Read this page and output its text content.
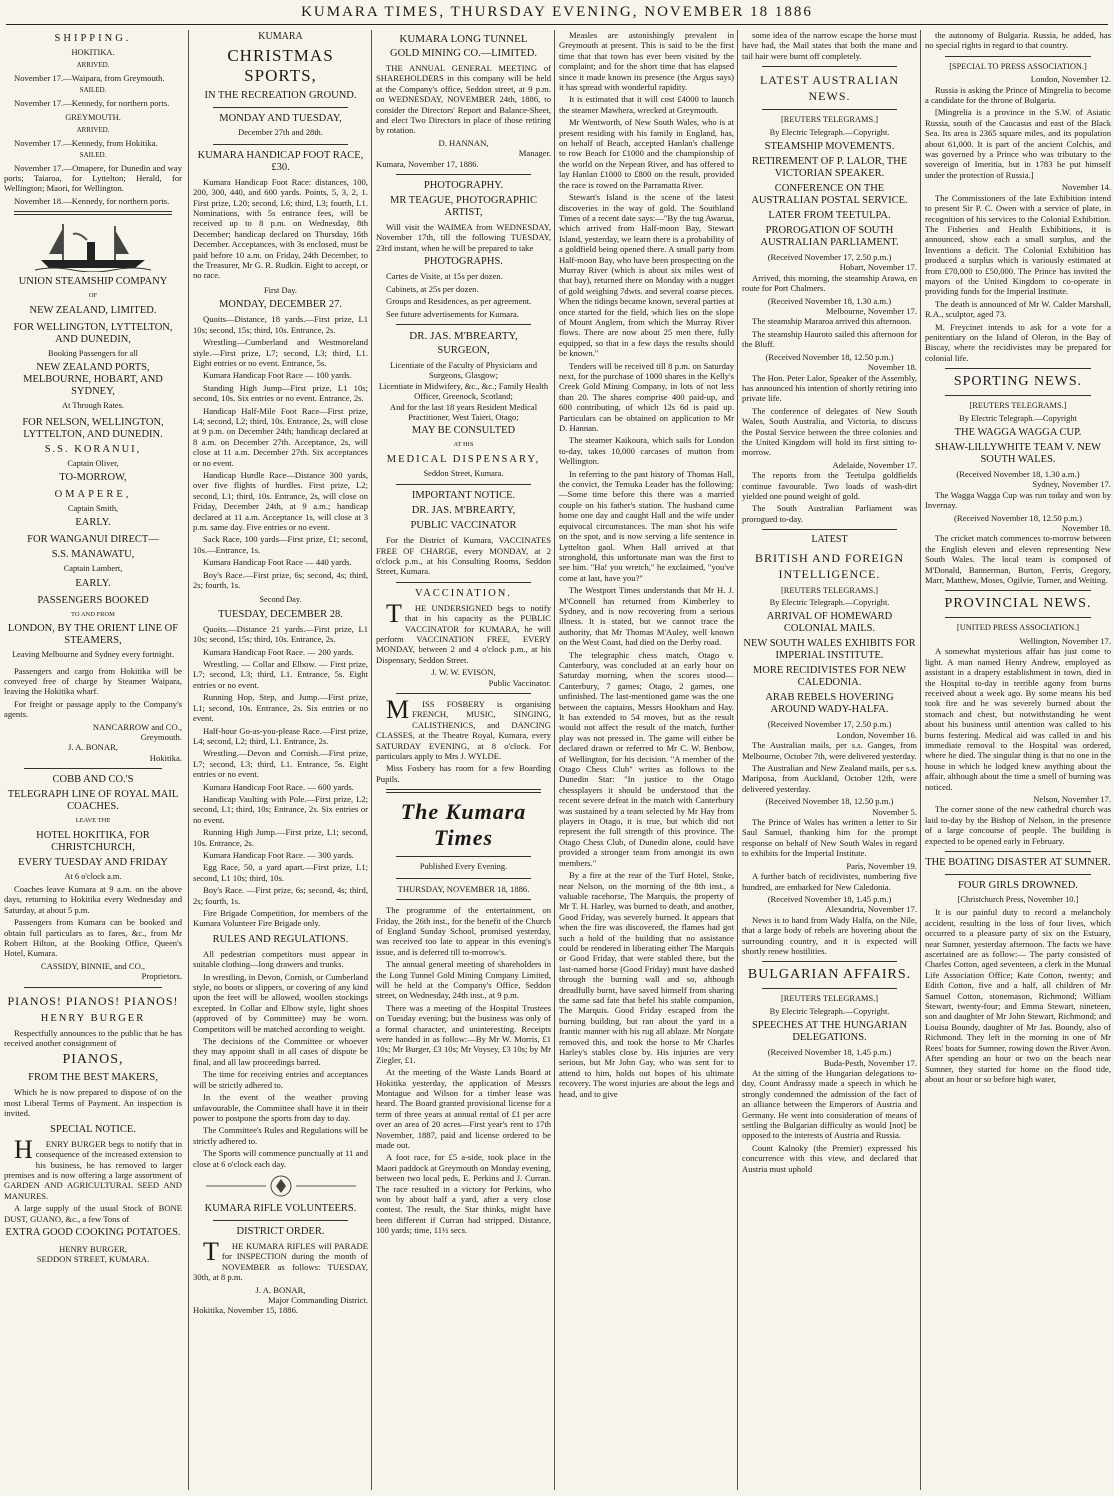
KUMARA TIMES, THURSDAY EVENING, NOVEMBER 18 1886
SHIPPING.
HOKITIKA.
ARRIVED.
November 17.—Waipara, from Greymouth.
SAILED.
November 17.—Kennedy, for northern ports.
GREYMOUTH.
ARRIVED.
November 17.—Kennedy, from Hokitika.
SAILED.
November 17.—Omapere, for Dunedin and way ports; Taiaroa, for Lyttelton; Herald, for Wellington; Maori, for Wellington.
November 18.—Kennedy, for northern ports.
UNION STEAMSHIP COMPANY
OF
NEW ZEALAND, LIMITED.
FOR WELLINGTON, LYTTELTON, AND DUNEDIN,
Booking Passengers for all
NEW ZEALAND PORTS, MELBOURNE, HOBART, AND SYDNEY,
At Through Rates.
FOR NELSON, WELLINGTON, LYTTELTON, AND DUNEDIN.
S.S. KORANUI,
Captain Oliver,
TO-MORROW,
OMAPERE,
Captain Smith,
EARLY.
FOR WANGANUI DIRECT—
S.S. MANAWATU,
Captain Lambert,
EARLY.
PASSENGERS BOOKED
TO AND FROM
LONDON, BY THE ORIENT LINE OF STEAMERS,
Leaving Melbourne and Sydney every fortnight.
Passengers and cargo from Hokitika will be conveyed free of charge by Steamer Waipara, leaving the Hokitika wharf.
For freight or passage apply to the Company's agents.
NANCARROW and CO.,
Greymouth.
J. A. BONAR,
Hokitika.
COBB AND CO.'S
TELEGRAPH LINE OF ROYAL MAIL COACHES.
LEAVE THE
HOTEL HOKITIKA, FOR CHRISTCHURCH,
EVERY TUESDAY AND FRIDAY
At 6 o'clock a.m.
Coaches leave Kumara at 9 a.m. on the above days, returning to Hokitika every Wednesday and Saturday, at about 5 p.m.
Passengers from Kumara can be booked and obtain full particulars as to fares, &c., from Mr Robert Hilton, at the Booking Office, Queen's Hotel, Kumara.
CASSIDY, BINNIE, and CO.,
Proprietors.
PIANOS! PIANOS! PIANOS!
HENRY BURGER
Respectfully announces to the public that he has received another consignment of
PIANOS,
FROM THE BEST MAKERS,
Which he is now prepared to dispose of on the most Liberal Terms of Payment. An inspection is invited.
SPECIAL NOTICE.
HENRY BURGER begs to notify that in consequence of the increased extension to his business, he has removed to larger premises and is now offering a large assortment of GARDEN AND AGRICULTURAL SEED AND MANURES.
A large supply of the usual Stock of BONE DUST, GUANO, &c., a few Tons of
EXTRA GOOD COOKING POTATOES.
HENRY BURGER,
SEDDON STREET, KUMARA.
KUMARA
CHRISTMAS SPORTS,
IN THE RECREATION GROUND.
MONDAY AND TUESDAY,
December 27th and 28th.
KUMARA HANDICAP FOOT RACE, £30.
Kumara Handicap Foot Race: distances, 100, 200, 300, 440, and 600 yards. Points, 5, 3, 2, 1. First prize, L20; second, L6; third, L3; fourth, L1. Nominations, with 5s entrance fees, will be received up to 8 p.m. on Wednesday, 8th December; handicap declared on Thursday, 16th December. Acceptances, with 3s enclosed, must be paid before 10 a.m. on Friday, 24th December, to the Treasurer, Mr G. R. Rudkin. Eight to accept, or no race.
First Day.
MONDAY, DECEMBER 27.
Quoits—Distance, 18 yards.—First prize, L1 10s; second, 15s; third, 10s. Entrance, 2s.
Wrestling—Cumberland and Westmoreland style.—First prize, L7; second, L3; third, L1. Eight entries or no event. Entrance, 5s.
Kumara Handicap Foot Race — 100 yards.
Standing High Jump—First prize, L1 10s; second, 10s. Six entries or no event. Entrance, 2s.
Handicap Half-Mile Foot Race—First prize, L4; second, L2; third, 10s. Entrance, 2s, will close at 9 p.m. on December 24th; handicap declared at 8 a.m. on December 27th. Acceptance, 2s, will close at 11 a.m. December 27th. Six acceptances or no event.
Handicap Hurdle Race—Distance 300 yards, over five flights of hurdles. First prize, L2; second, L1; third, 10s. Entrance, 2s, will close on Friday, December 24th, at 9 a.m.; handicap declared at 11 a.m. Acceptance 1s, will close at 3 p.m. same day. Five entries or no event.
Sack Race, 100 yards—First prize, £1; second, 10s.—Entrance, 1s.
Kumara Handicap Foot Race — 440 yards.
Boy's Race.—First prize, 6s; second, 4s; third, 2s; fourth, 1s.
Second Day.
TUESDAY, DECEMBER 28.
Quoits.—Distance 21 yards.—First prize, L1 10s; second, 15s; third, 10s. Entrance, 2s.
Kumara Handicap Foot Race. — 200 yards.
Wrestling. — Collar and Elbow. — First prize, L7; second, L3; third, L1. Entrance, 5s. Eight entries or no event.
Running Hop, Step, and Jump.—First prize, L1; second, 10s. Entrance, 2s. Six entries or no event.
Half-hour Go-as-you-please Race.—First prize, L4; second, L2; third, L1. Entrance, 2s.
Wrestling.—Devon and Cornish.—First prize, L7; second, L3; third, L1. Entrance, 5s. Eight entries or no event.
Kumara Handicap Foot Race. — 600 yards.
Handicap Vaulting with Pole.—First prize, L2; second, L1; third, 10s; Entrance, 2s. Six entries or no event.
Running High Jump.—First prize, L1; second, 10s. Entrance, 2s.
Kumara Handicap Foot Race. — 300 yards.
Egg Race, 50, a yard apart.—First prize, L1; second, L1 10s; third, 10s.
Boy's Race. —First prize, 6s; second, 4s; third, 2s; fourth, 1s.
Fire Brigade Competition, for members of the Kumara Volunteer Fire Brigade only.
RULES AND REGULATIONS.
All pedestrian competitors must appear in suitable clothing—long drawers and trunks.
In wrestling, in Devon, Cornish, or Cumberland style, no boots or slippers, or covering of any kind upon the feet will be allowed, woollen stockings excepted. In Collar and Elbow style, light shoes (approved of by Committee) may be worn. Competitors will be matched according to weight.
The decisions of the Committee or whoever they may appoint shall in all cases of dispute be final, and all law proceedings barred.
The time for receiving entries and acceptances will be strictly adhered to.
In the event of the weather proving unfavourable, the Committee shall have it in their power to postpone the sports from day to day.
The Committee's Rules and Regulations will be strictly adhered to.
The Sports will commence punctually at 11 and close at 6 o'clock each day.
KUMARA RIFLE VOLUNTEERS.
DISTRICT ORDER.
THE KUMARA RIFLES will PARADE for INSPECTION during the month of NOVEMBER as follows: TUESDAY, 30th, at 8 p.m.
J. A. BONAR,
Major Commanding District.
Hokitika, November 15, 1886.
KUMARA LONG TUNNEL
GOLD MINING CO.—LIMITED.
THE ANNUAL GENERAL MEETING of SHAREHOLDERS in this company will be held at the Company's office, Seddon street, at 9 p.m. on WEDNESDAY, NOVEMBER 24th, 1886, to consider the Directors' Report and Balance-Sheet, and elect Two Directors in place of those retiring by rotation.
D. HANNAN,
Manager.
Kumara, November 17, 1886.
PHOTOGRAPHY.
MR TEAGUE, PHOTOGRAPHIC ARTIST,
Will visit the WAIMEA from WEDNESDAY, November 17th, till the following TUESDAY, 23rd instant, when he will be prepared to take
PHOTOGRAPHS.
Cartes de Visite, at 15s per dozen.
Cabinets, at 25s per dozen.
Groups and Residences, as per agreement.
See future advertisements for Kumara.
DR. JAS. M'BREARTY,
SURGEON,
Licentiate of the Faculty of Physicians and Surgeons, Glasgow;
Licentiate in Midwifery, &c., &c.; Family Health Officer, Greenock, Scotland;
And for the last 18 years Resident Medical Practitioner, West Taieri, Otago;
MAY BE CONSULTED
AT HIS
MEDICAL DISPENSARY,
Seddon Street, Kumara.
IMPORTANT NOTICE.
DR. JAS. M'BREARTY,
PUBLIC VACCINATOR
For the District of Kumara, VACCINATES FREE OF CHARGE, every MONDAY, at 2 o'clock p.m., at his Consulting Rooms, Seddon Street, Kumara.
VACCINATION.
THE UNDERSIGNED begs to notify that in his capacity as the PUBLIC VACCINATOR for KUMARA, he will perform VACCINATION FREE, EVERY MONDAY, between 2 and 4 o'clock p.m., at his Dispensary, Seddon Street.
J. W. W. EVISON,
Public Vaccinator.
MISS FOSBERY is organising FRENCH, MUSIC, SINGING, CALISTHENICS, and DANCING CLASSES, at the Theatre Royal, Kumara, every SATURDAY EVENING, at 8 o'clock. For particulars apply to Mrs J. WYLDE.
Miss Fosbery has room for a few Boarding Pupils.
The Kumara Times
Published Every Evening.
THURSDAY, NOVEMBER 18, 1886.
The programme of the entertainment, on Friday, the 26th inst., for the benefit of the Church of England Sunday School, promised yesterday, was received too late to appear in this evening's issue, and is deferred till to-morrow's.
The annual general meeting of shareholders in the Long Tunnel Gold Mining Company Limited, will be held at the Company's Office, Seddon street, on Wednesday, 24th inst., at 9 p.m.
There was a meeting of the Hospital Trustees on Tuesday evening; but the business was only of a formal character, and uninteresting. Receipts were handed in as follow:—By Mr W. Morris, £1 10s; Mr Burger, £3 10s; Mr Voysey, £3 10s; by Mr Ziegler, £1.
At the meeting of the Waste Lands Board at Hokitika yesterday, the application of Messrs Montague and Wilson for a timber lease was heard. The Board granted provisional license for a term of three years at annual rental of £1 per acre over an area of 20 acres—First year's rent to 17th November, 1887, paid and license ordered to be made out.
A foot race, for £5 a-side, took place in the Maori paddock at Greymouth on Monday evening, between two local peds, E. Perkins and J. Curran. The race resulted in a victory for Perkins, who won by about half a yard, after a very close contest. The result, the Star thinks, might have been different if Curran had stripped. Distance, 100 yards; time, 11½ secs.
Measles are astonishingly prevalent in Greymouth at present. This is said to be the first time that that town has ever been visited by the complaint; and for the short time that has elapsed since it made known its presence (the Argus says) it has spread with wonderful rapidity.
It is estimated that it will cost £4000 to launch the steamer Mawhera, wrecked at Greymouth.
Mr Wentworth, of New South Wales, who is at present residing with his family in England, has, on behalf of Beach, accepted Hanlan's challenge to row Beach for £1000 and the championship of the world on the Nepean River, and has offered to lay Hanlan £1000 to £800 on the result, provided the race is rowed on the Parramatta River.
Stewart's Island is the scene of the latest discoveries in the way of gold. The Southland Times of a recent date says:—"By the tug Awarua, which arrived from Half-moon Bay, Stewart Island, yesterday, we learn there is a probability of a goldfield being opened there. A small party from Half-moon Bay, who have been prospecting on the Murray River (which is about six miles west of that bay), returned there on Monday with a nugget of gold weighing 7dwts. and several coarse pieces. When the tidings became known, several parties at once started for the field, which lies on the slope of Mount Anglem, from which the Murray River flows. There are now about 25 men there, fully equipped, so that in a few days the results should be known."
Tenders will be received till 8 p.m. on Saturday next, for the purchase of 1000 shares in the Kelly's Creek Gold Mining Company, in lots of not less than 20. The shares comprise 400 paid-up, and 600 contributing, of which 12s 6d is paid up. Particulars can be obtained on application to Mr D. Hannan.
The steamer Kaikoura, which sails for London to-day, takes 10,000 carcases of mutton from Wellington.
In referring to the past history of Thomas Hall, the convict, the Temuka Leader has the following:—Some time before this there was a married couple on his father's station. The husband came home one day and caught Hall and the wife under equivocal circumstances. The man shot his wife on the spot, and is now serving a life sentence in Lyttelton gaol. When Hall arrived at that stronghold, this unfortunate man was the first to see him. "Ha! you wretch," he exclaimed, "you've come at last, have you?"
The Westport Times understands that Mr H. J. M'Connell has returned from Kimberley to Sydney, and is now recovering from a serious illness. It is stated, but we cannot trace the authority, that Mr Thomas M'Auley, well known on the West Coast, had died on the Derby road.
The telegraphic chess match, Otago v. Canterbury, was concluded at an early hour on Saturday morning, when the scores stood—Canterbury, 7 games; Otago, 2 games, one unfinished. The last-mentioned game was the one between the captains, Messrs Hookham and Hay. It has extended to 54 moves, but as the result would not affect the result of the match, further play was not pressed in. The game will either be declared drawn or referred to Mr C. W. Benbow, of Wellington, for his decision. "A member of the Otago Chess Club" writes as follows to the Dunedin Star: "In justice to the Otago chessplayers it should be understood that the recent severe defeat in the match with Canterbury was sustained by a team selected by Mr Hay from players in Otago, it is true, but which did not represent the full strength of this province. The Otago Chess Club, of Dunedin alone, could have provided a stronger team from amongst its own members."
By a fire at the rear of the Turf Hotel, Stoke, near Nelson, on the morning of the 8th inst., a valuable racehorse, The Marquis, the property of Mr T. H. Harley, was burned to death, and another, Good Friday, was severely burned. It appears that when the fire was discovered, the flames had got such a hold of the building that no assistance could be rendered in liberating either The Marquis or Good Friday, that were stabled there, but the last-named horse (Good Friday) must have dashed through the burning wall and so, although dreadfully burnt, have saved himself from sharing the same sad fate that befel his stable companion, The Marquis. Good Friday escaped from the burning building, but ran about the yard in a frantic manner with his rug all ablaze. Mr Norgate removed this, and took the horse to Mr Charles Harley's stables close by. His injuries are very serious, but Mr John Gay, who was sent for to attend to him, holds out hopes of his ultimate recovery. The worst injuries are about the legs and head, and to give
some idea of the narrow escape the horse must have had, the Mail states that both the mane and tail hair were burnt off completely.
LATEST AUSTRALIAN NEWS.
[REUTERS TELEGRAMS.]
By Electric Telegraph.—Copyright.
STEAMSHIP MOVEMENTS.
RETIREMENT OF P. LALOR, THE VICTORIAN SPEAKER.
CONFERENCE ON THE AUSTRALIAN POSTAL SERVICE.
LATER FROM TEETULPA.
PROROGATION OF SOUTH AUSTRALIAN PARLIAMENT.
(Received November 17, 2.50 p.m.)
Hobart, November 17.
Arrived, this morning, the steamship Arawa, en route for Port Chalmers.
(Received November 18, 1.30 a.m.)
Melbourne, November 17.
The steamship Mararoa arrived this afternoon.
The steamship Hauroto sailed this afternoon for the Bluff.
(Received November 18, 12.50 p.m.)
November 18.
The Hon. Peter Lalor, Speaker of the Assembly, has announced his intention of shortly retiring into private life.
The conference of delegates of New South Wales, South Australia, and Victoria, to discuss the Postal Service between the three colonies and the United Kingdom will hold its first sitting to-morrow.
Adelaide, November 17.
The reports from the Teetulpa goldfields continue favourable. Two loads of wash-dirt yielded one pound weight of gold.
The South Australian Parliament was prorogued to-day.
LATEST
BRITISH AND FOREIGN INTELLIGENCE.
[REUTERS TELEGRAMS.]
By Electric Telegraph.—Copyright.
ARRIVAL OF HOMEWARD COLONIAL MAILS.
NEW SOUTH WALES EXHIBITS FOR IMPERIAL INSTITUTE.
MORE RECIDIVISTES FOR NEW CALEDONIA.
ARAB REBELS HOVERING AROUND WADY-HALFA.
(Received November 17, 2.50 p.m.)
London, November 16.
The Australian mails, per s.s. Ganges, from Melbourne, October 7th, were delivered yesterday.
The Australian and New Zealand mails, per s.s. Mariposa, from Auckland, October 12th, were delivered yesterday.
(Received November 18, 12.50 p.m.)
November 5.
The Prince of Wales has written a letter to Sir Saul Samuel, thanking him for the prompt response on behalf of New South Wales in regard to exhibits for the Imperial Institute.
Paris, November 19.
A further batch of recidivistes, numbering five hundred, are embarked for New Caledonia.
(Received November 18, 1.45 p.m.)
Alexandria, November 17.
News is to hand from Wady Halfa, on the Nile, that a large body of rebels are hovering about the surrounding country, and it is expected will shortly renew hostilities.
BULGARIAN AFFAIRS.
[REUTERS TELEGRAMS.]
By Electric Telegraph.—Copyright.
SPEECHES AT THE HUNGARIAN DELEGATIONS.
(Received November 18, 1.45 p.m.)
Buda-Pesth, November 17.
At the sitting of the Hungarian delegations to-day, Count Andrassy made a speech in which he strongly condemned the admission of the fact of an alliance between the Emperors of Austria and Germany. He went into consideration of means of settling the Bulgarian difficulty as would [not] be opposed to the interests of Austria and Russia.
Count Kalnoky (the Premier) expressed his concurrence with this view, and declared that Austria must uphold
the autonomy of Bulgaria. Russia, he added, has no special rights in regard to that country.
[SPECIAL TO PRESS ASSOCIATION.]
London, November 12.
Russia is asking the Prince of Mingrelia to become a candidate for the throne of Bulgaria.
[Mingrelia is a province in the S.W. of Asiatic Russia, south of the Caucasus and east of the Black Sea. Its area is 2365 square miles, and its population about 61,000. It is part of the ancient Colchis, and was governed by a Prince who was tributary to the sovereign of Imeritia, but in 1783 he put himself under the protection of Russia.]
November 14.
The Commissioners of the late Exhibition intend to present Sir P. C. Owen with a service of plate, in recognition of his services to the Colonial Exhibition. The Fisheries and Health Exhibitions, it is announced, show each a small surplus, and the Inventions a deficit. The Colonial Exhibition has produced a surplus which is variously estimated at from £70,000 to £50,000. The Prince has invited the mayors of the United Kingdom to co-operate in providing funds for the Imperial Institute.
The death is announced of Mr W. Calder Marshall, R.A., sculptor, aged 73.
M. Freycinet intends to ask for a vote for a penitentiary on the Island of Oleron, in the Bay of Biscay, where the recidivistes may be prepared for colonial life.
SPORTING NEWS.
[REUTERS TELEGRAMS.]
By Electric Telegraph.—Copyright
THE WAGGA WAGGA CUP.
SHAW-LILLYWHITE TEAM V. NEW SOUTH WALES.
(Received November 18, 1.30 a.m.)
Sydney, November 17.
The Wagga Wagga Cup was run today and won by Invernay.
(Received November 18, 12.50 p.m.)
November 18.
The cricket match commences to-morrow between the English eleven and eleven representing New South Wales. The local team is composed of M'Donald, Bannerman, Burton, Ferris, Gregory, Marr, Matthew, Moses, Ogilvie, Turner, and Weiting.
PROVINCIAL NEWS.
[UNITED PRESS ASSOCIATION.]
Wellington, November 17.
A somewhat mysterious affair has just come to light. A man named Henry Andrew, employed as assistant in a drapery establishment in town, died in the Hospital to-day in terrible agony from burns received about a week ago. By some means his bed took fire and he was severely burned about the stomach and chest, but notwithstanding he went about his business until attention was called to his burns festering. Medical aid was called in and his immediate removal to the Hospital was ordered, where he died. The singular thing is that no one in the house in which he lodged knew anything about the affair, although about the time a smell of burning was noticed.
Nelson, November 17.
The corner stone of the new cathedral church was laid to-day by the Bishop of Nelson, in the presence of a large concourse of people. The building is expected to be opened early in February.
THE BOATING DISASTER AT SUMNER.
FOUR GIRLS DROWNED.
[Christchurch Press, November 10.]
It is our painful duty to record a melancholy accident, resulting in the loss of four lives, which occurred to a pleasure party of six on the Estuary, near Sumner, yesterday afternoon. The facts we have ascertained are as follow:— The party consisted of Charles Cotton, aged seventeen, a clerk in the Mutual Life Association Office; Kate Cotton, twenty; and Edith Cotton, five and a half, all children of Mr Samuel Cotton, stonemason, Richmond; William Stewart, twenty-four; and Emma Stewart, nineteen, son and daughter of Mr John Stewart, Richmond; and Louisa Boundy, daughter of Mr Jas. Boundy, also of Richmond. They left in the morning in one of Mr Rees' boats for Sumner, rowing down the River Avon. After spending an hour or two on the beach near Sumner, they started for home on the flood tide, about an hour or so before high water,
